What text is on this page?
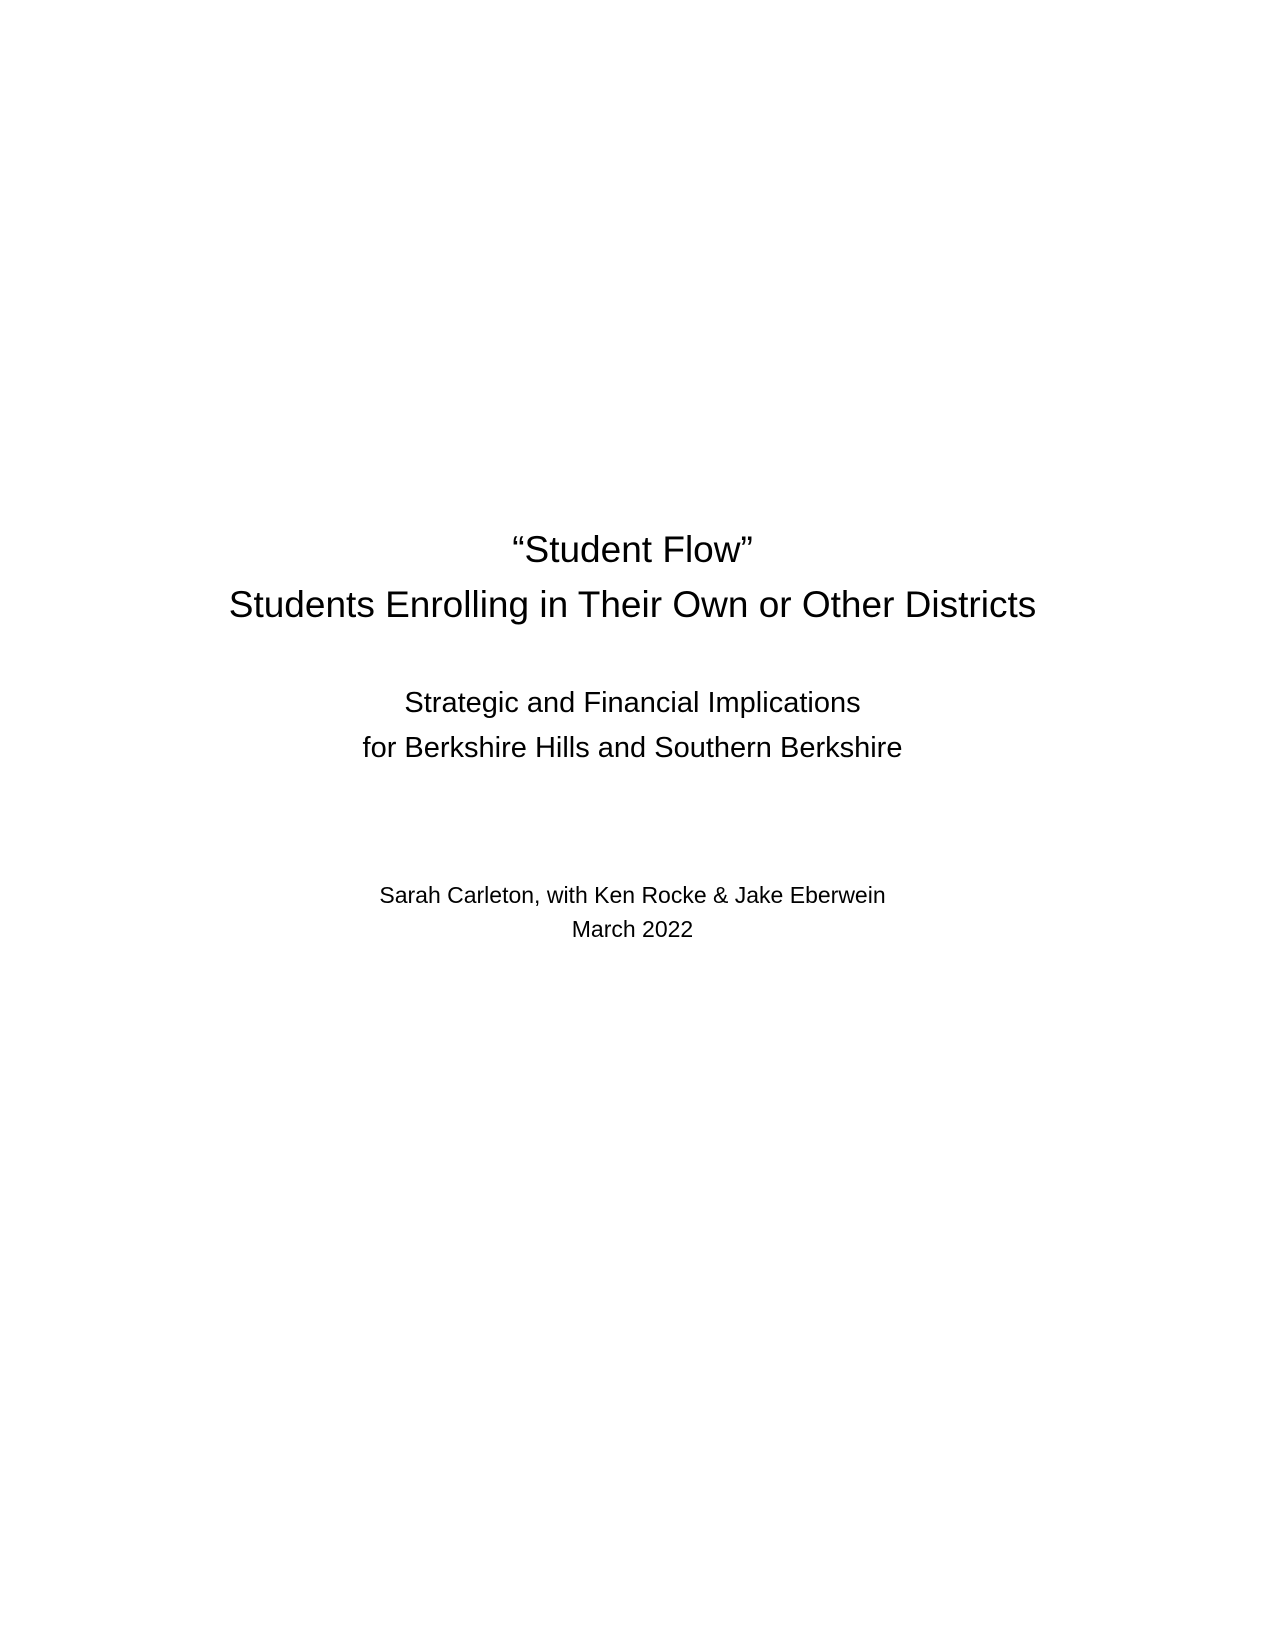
“Student Flow”
Students Enrolling in Their Own or Other Districts

Strategic and Financial Implications

for Berkshire Hills and Southern Berkshire

Sarah Carleton, with Ken Rocke & Jake Eberwein

March 2022
